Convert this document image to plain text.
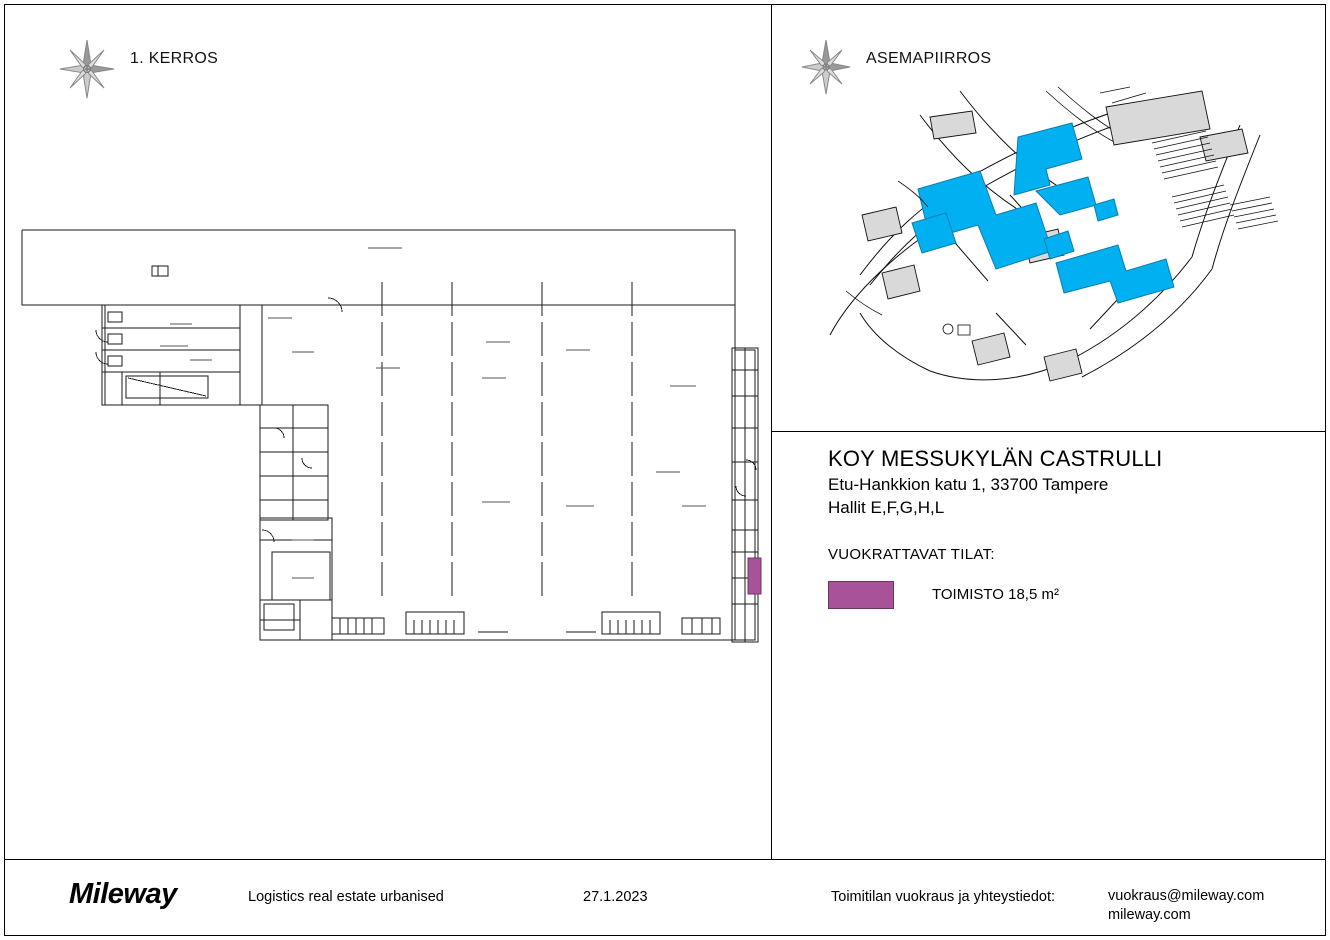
1. KERROS	ASEMAPIIRROS
KOY MESSUKYLÄN CASTRULLI
Etu-Hankkion katu 1, 33700 Tampere
Hallit E,F,G,H,L
VUOKRATTAVAT TILAT:
TOIMISTO 18,5 m²
Mileway	Logistics real estate urbanised	27.1.2023	Toimitilan vuokraus ja yhteystiedot:	vuokraus@mileway.com
mileway.com
